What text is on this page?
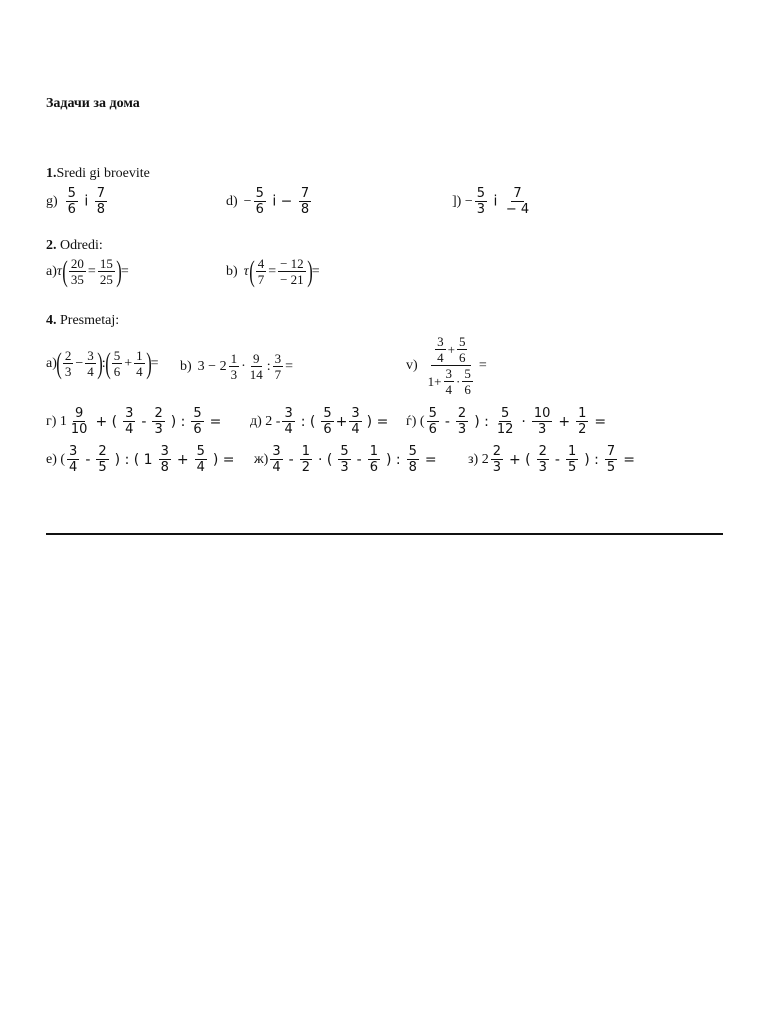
Задачи за дома
1.Sredi gi broevite
$g) \frac{5}{6}$ i $\frac{7}{8}$	$d) - \frac{5}{6}$ $i - \frac{7}{8}$	]) − $\frac{5}{3}$ i $\frac{7}{- 4}$
2. Odredi:
a) τ ( $\frac{20}{35} = \frac{15}{25}$ ) =	b) τ ( $\frac{4}{7} = \frac{- 12}{- 21}$ ) =
4. Presmetaj:
a) ( $\frac{2}{3} - \frac{3}{4}$ ) : ( $\frac{5}{6} + \frac{1}{4}$ ) = b) $3 - 2 \frac{1}{3} \cdot \frac{9}{14}$ : $\frac{3}{7}$ =	$v) \frac{\frac{3}{4} + \frac{5}{6}}{1+ \frac{3}{4} \cdot \frac{5}{6}}$ =
г) $1 \frac{9}{10}$ + ( $\frac{3}{4} - \frac{2}{3}$ ) : $\frac{5}{6} = д$) $2 - \frac{3}{4}$ : ( $\frac{5}{6} + \frac{3}{4}$ ) = ѓ) ( $\frac{5}{6} - \frac{2}{3}$ ) : $\frac{5}{12} \cdot \frac{10}{3} + \frac{1}{2}$ =
е) ( $\frac{3}{4} - \frac{2}{5}$ ) : ( $1 \frac{3}{8} + \frac{5}{4}$ ) = $ж) \frac{3}{4} - \frac{1}{2}$ · ( $\frac{5}{3} - \frac{1}{6}$ ) : $\frac{5}{8} = з$) $2 \frac{2}{3}$ + ( $\frac{2}{3} - \frac{1}{5}$ ) : $\frac{7}{5}$ =
